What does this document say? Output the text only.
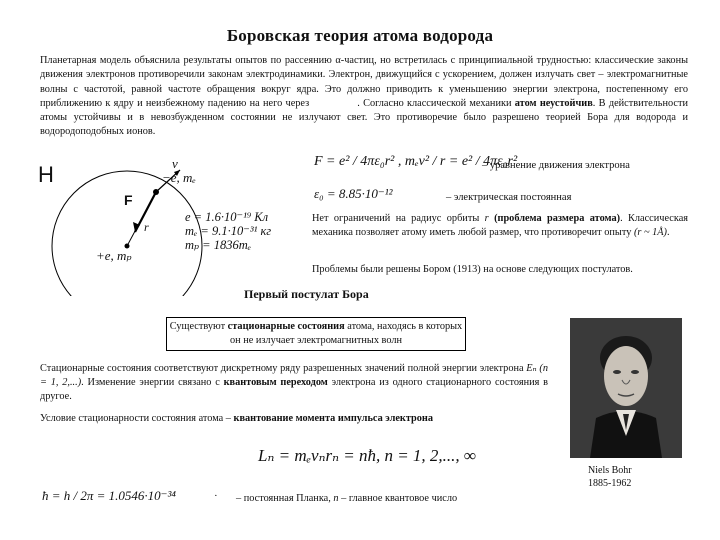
Боровская теория атома водорода
Планетарная модель объяснила результаты опытов по рассеянию α-частиц, но встретилась с принципиальной трудностью: классические законы движения электронов противоречили законам электродинамики. Электрон, движущийся с ускорением, должен излучать свет – электромагнитные волны с частотой, равной частоте обращения вокруг ядра. Это должно приводить к уменьшению энергии электрона, постепенному его приближению к ядру и неизбежному падению на него через	. Согласно классической механики атом неустойчив. В действительности атомы устойчивы и в невозбужденном состоянии не излучают свет. Это противоречие было разрешено теорией Бора для водорода и водородоподобных ионов.
H	v
−e, mₑ
F
r
+e, mₚ
e = 1.6·10⁻¹⁹ Кл
mₑ = 9.1·10⁻³¹ кг
mₚ = 1836mₑ
F = e² / 4πε₀r² , mₑv² / r = e² / 4πε₀r²
– уравнение движения электрона
ε₀ = 8.85·10⁻¹²	– электрическая постоянная
Нет ограничений на радиус орбиты r (проблема размера атома). Классическая механика позволяет атому иметь любой размер, что противоречит опыту (r ~ 1Å).
Проблемы были решены Бором (1913) на основе следующих постулатов.
Первый постулат Бора
Существуют стационарные состояния атома, находясь в которых он не излучает электромагнитных волн
Стационарные состояния соответствуют дискретному ряду разрешенных значений полной энергии электрона Eₙ (n = 1, 2,...). Изменение энергии связано с квантовым переходом электрона из одного стационарного состояния в другое.
Условие стационарности состояния атома – квантование момента импульса электрона
Lₙ = mₑvₙrₙ = nħ, n = 1, 2,..., ∞
ħ = h / 2π = 1.0546·10⁻³⁴	· – постоянная Планка, n – главное квантовое число
Niels Bohr
1885-1962
